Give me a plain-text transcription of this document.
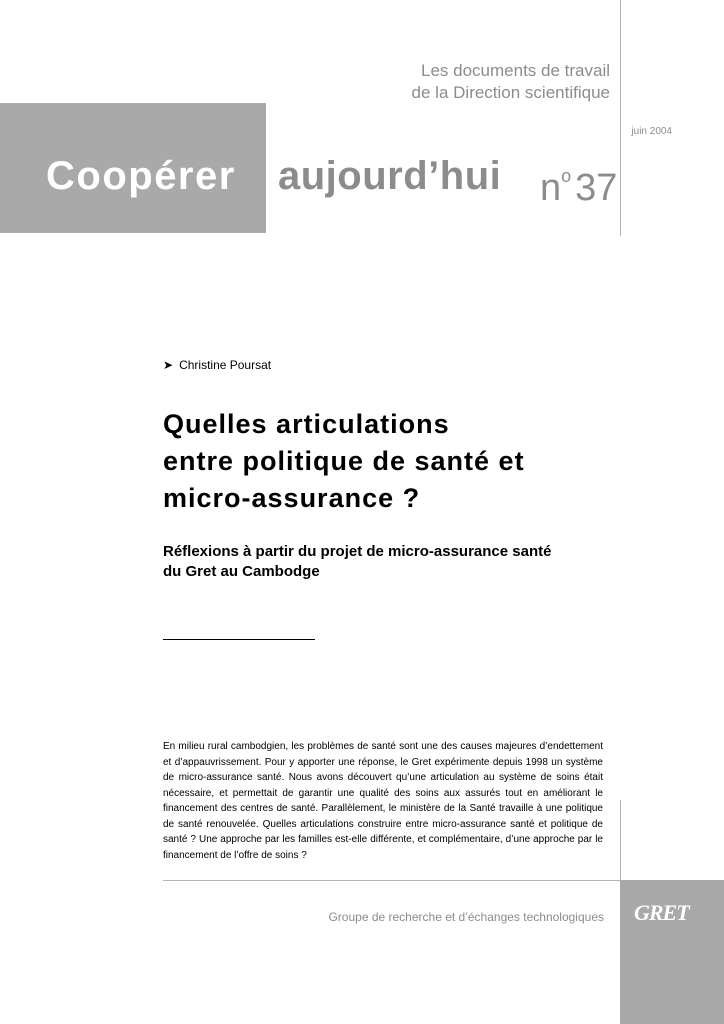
Les documents de travail
de la Direction scientifique
juin 2004
Coopérer aujourd’hui $n^o$ 37
➤ Christine Poursat
Quelles articulations
entre politique de santé et
micro-assurance ?
Réflexions à partir du projet de micro-assurance santé
du Gret au Cambodge
En milieu rural cambodgien, les problèmes de santé sont une des causes majeures d’endettement et d’appauvrissement. Pour y apporter une réponse, le Gret expérimente depuis 1998 un système de micro-assurance santé. Nous avons découvert qu’une articulation au système de soins était nécessaire, et permettait de garantir une qualité des soins aux assurés tout en améliorant le financement des centres de santé. Parallèlement, le ministère de la Santé travaille à une politique de santé renouvelée. Quelles articulations construire entre micro-assurance santé et politique de santé ? Une approche par les familles est-elle différente, et complémentaire, d’une approche par le financement de l’offre de soins ?
Groupe de recherche et d’échanges technologiques GRET
